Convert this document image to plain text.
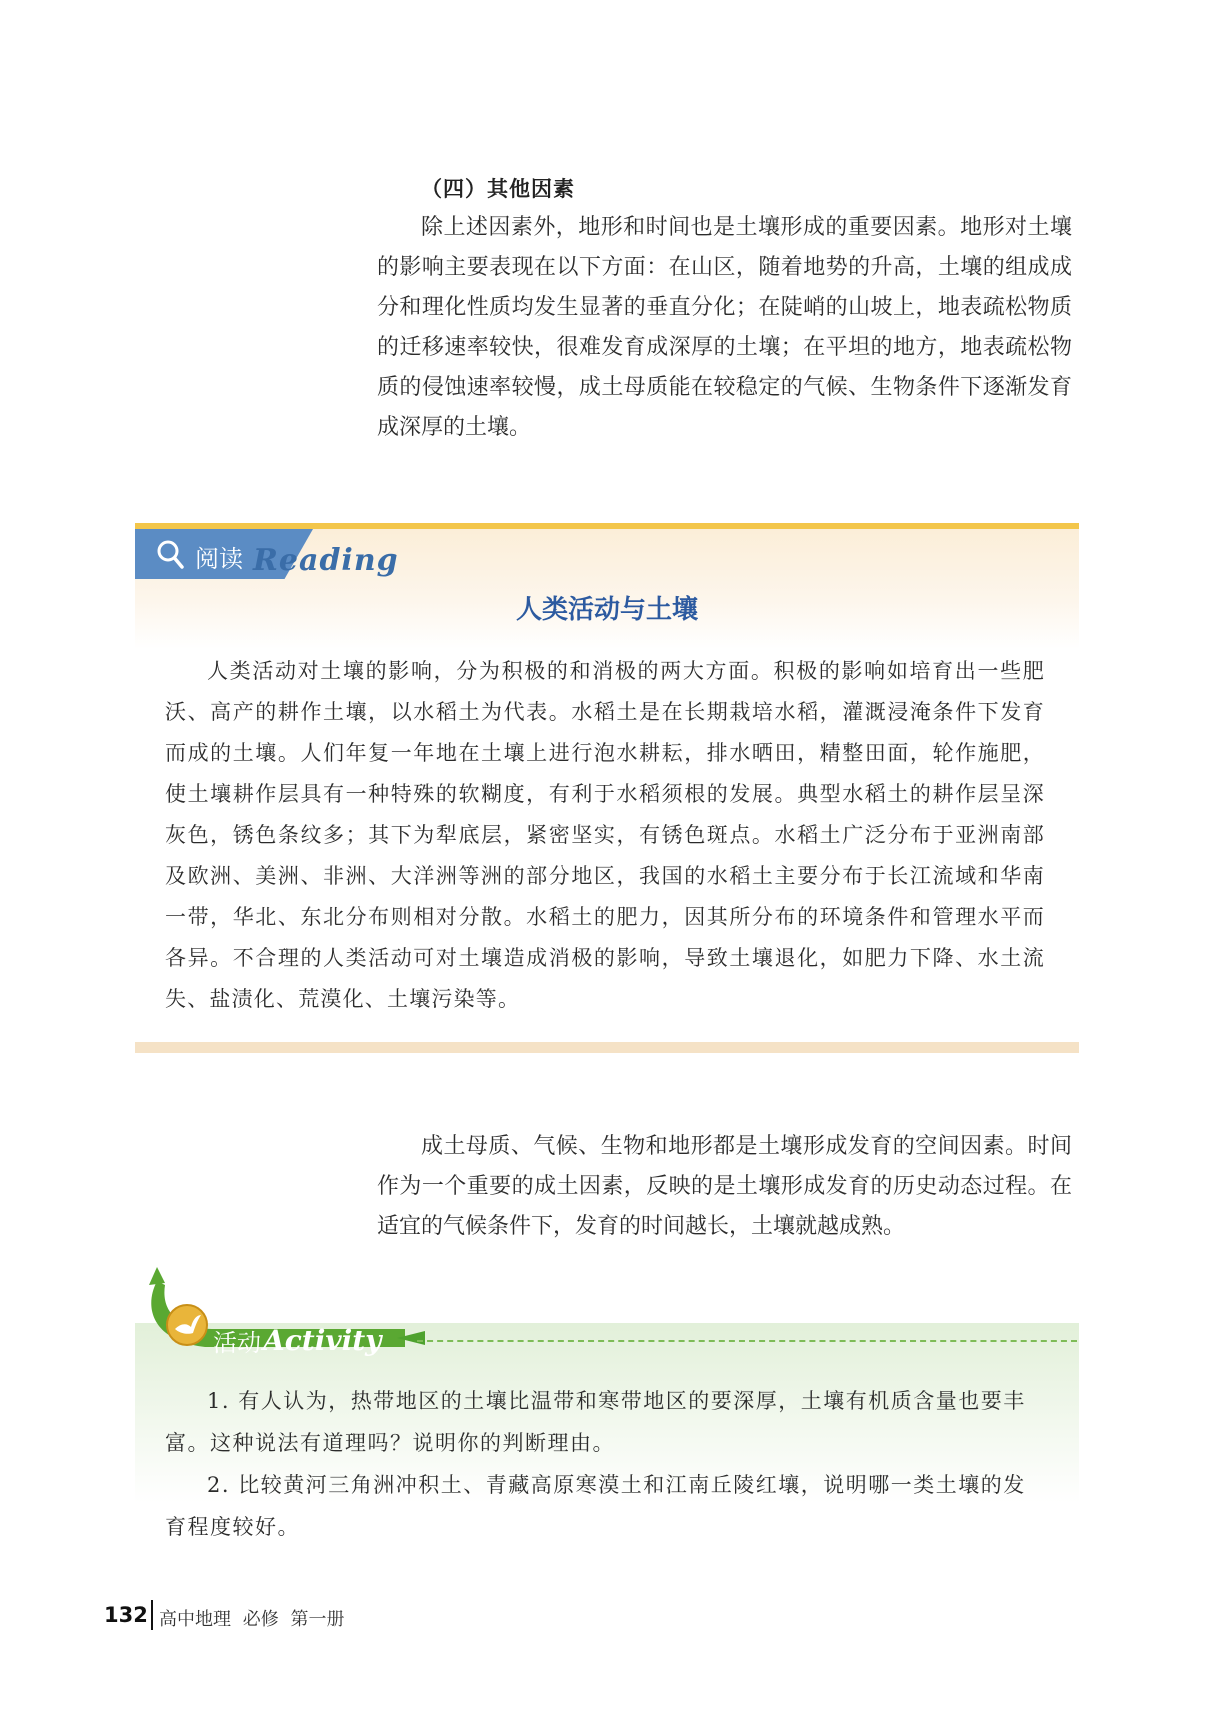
（四）其他因素

除上述因素外，地形和时间也是土壤形成的重要因素。地形对土壤的影响主要表现在以下方面：在山区，随着地势的升高，土壤的组成成分和理化性质均发生显著的垂直分化；在陡峭的山坡上，地表疏松物质的迁移速率较快，很难发育成深厚的土壤；在平坦的地方，地表疏松物质的侵蚀速率较慢，成土母质能在较稳定的气候、生物条件下逐渐发育成深厚的土壤。

阅读 Reading
人类活动与土壤

人类活动对土壤的影响，分为积极的和消极的两大方面。积极的影响如培育出一些肥沃、高产的耕作土壤，以水稻土为代表。水稻土是在长期栽培水稻，灌溉浸淹条件下发育而成的土壤。人们年复一年地在土壤上进行泡水耕耘，排水晒田，精整田面，轮作施肥，使土壤耕作层具有一种特殊的软糊度，有利于水稻须根的发展。典型水稻土的耕作层呈深灰色，锈色条纹多；其下为犁底层，紧密坚实，有锈色斑点。水稻土广泛分布于亚洲南部及欧洲、美洲、非洲、大洋洲等洲的部分地区，我国的水稻土主要分布于长江流域和华南一带，华北、东北分布则相对分散。水稻土的肥力，因其所分布的环境条件和管理水平而各异。不合理的人类活动可对土壤造成消极的影响，导致土壤退化，如肥力下降、水土流失、盐渍化、荒漠化、土壤污染等。

成土母质、气候、生物和地形都是土壤形成发育的空间因素。时间作为一个重要的成土因素，反映的是土壤形成发育的历史动态过程。在适宜的气候条件下，发育的时间越长，土壤就越成熟。

活动 Activity

1. 有人认为，热带地区的土壤比温带和寒带地区的要深厚，土壤有机质含量也要丰富。这种说法有道理吗？说明你的判断理由。

2. 比较黄河三角洲冲积土、青藏高原寒漠土和江南丘陵红壤，说明哪一类土壤的发育程度较好。

132 高中地理 必修 第一册
